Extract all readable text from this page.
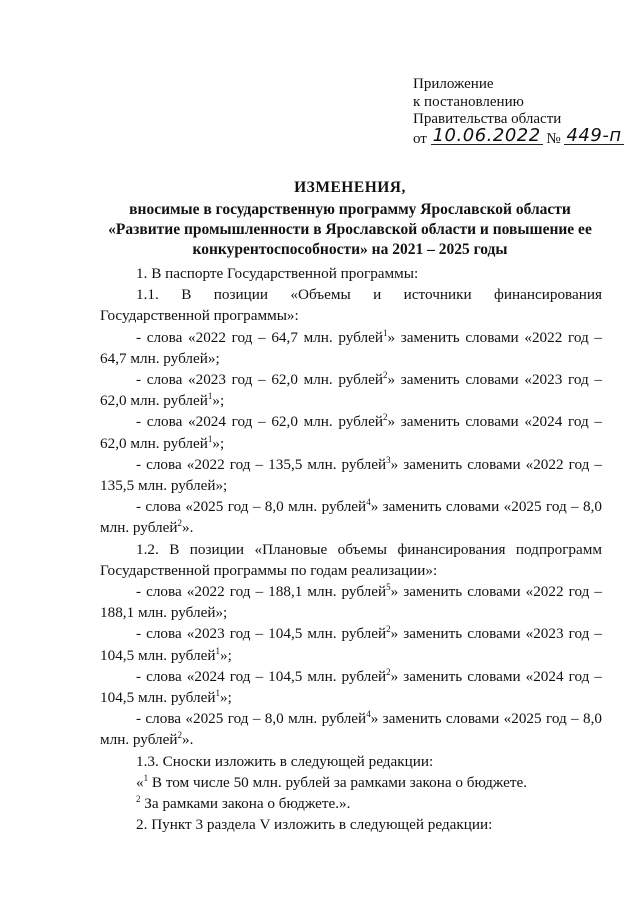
Приложение
к постановлению
Правительства области
от 10.06.2022 № 449-п
ИЗМЕНЕНИЯ,
вносимые в государственную программу Ярославской области
«Развитие промышленности в Ярославской области и повышение ее
конкурентоспособности» на 2021 – 2025 годы
1. В паспорте Государственной программы:
1.1. В позиции «Объемы и источники финансирования Государственной программы»:
- слова «2022 год – 64,7 млн. рублей$^1$» заменить словами «2022 год – 64,7 млн. рублей»;
- слова «2023 год – 62,0 млн. рублей$^2$» заменить словами «2023 год – 62,0 млн. рублей$^1$»;
- слова «2024 год – 62,0 млн. рублей$^2$» заменить словами «2024 год – 62,0 млн. рублей$^1$»;
- слова «2022 год – 135,5 млн. рублей$^3$» заменить словами «2022 год – 135,5 млн. рублей»;
- слова «2025 год – 8,0 млн. рублей$^4$» заменить словами «2025 год – 8,0 млн. рублей$^2$».
1.2. В позиции «Плановые объемы финансирования подпрограмм Государственной программы по годам реализации»:
- слова «2022 год – 188,1 млн. рублей$^5$» заменить словами «2022 год – 188,1 млн. рублей»;
- слова «2023 год – 104,5 млн. рублей$^2$» заменить словами «2023 год – 104,5 млн. рублей$^1$»;
- слова «2024 год – 104,5 млн. рублей$^2$» заменить словами «2024 год – 104,5 млн. рублей$^1$»;
- слова «2025 год – 8,0 млн. рублей$^4$» заменить словами «2025 год – 8,0 млн. рублей$^2$».
1.3. Сноски изложить в следующей редакции:
«$^1$ В том числе 50 млн. рублей за рамками закона о бюджете.
$^2$ За рамками закона о бюджете.».
2. Пункт 3 раздела V изложить в следующей редакции:
